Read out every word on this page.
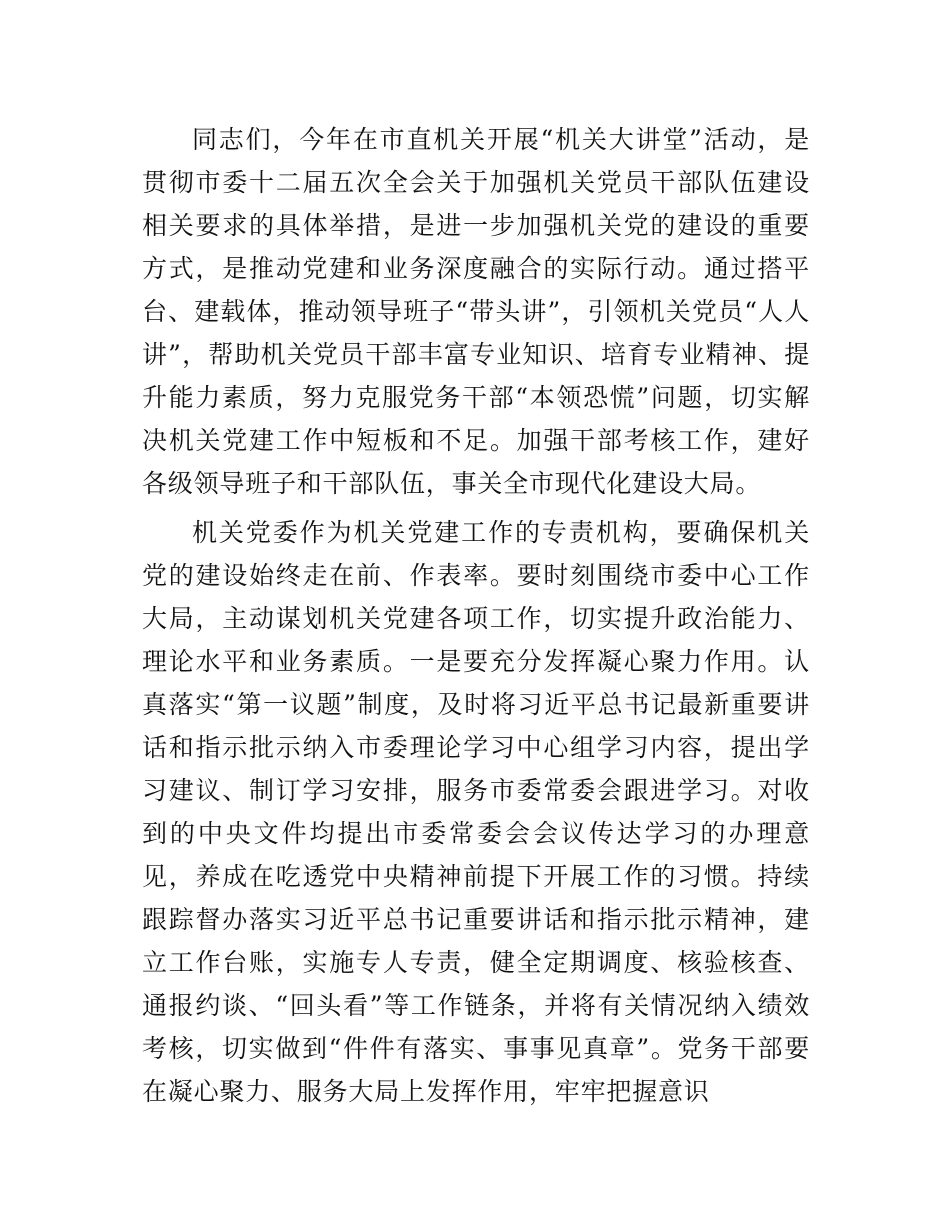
同志们，今年在市直机关开展“机关大讲堂”活动，是贯彻市委十二届五次全会关于加强机关党员干部队伍建设相关要求的具体举措，是进一步加强机关党的建设的重要方式，是推动党建和业务深度融合的实际行动。通过搭平台、建载体，推动领导班子“带头讲”，引领机关党员“人人讲”，帮助机关党员干部丰富专业知识、培育专业精神、提升能力素质，努力克服党务干部“本领恐慌”问题，切实解决机关党建工作中短板和不足。加强干部考核工作，建好各级领导班子和干部队伍，事关全市现代化建设大局。

机关党委作为机关党建工作的专责机构，要确保机关党的建设始终走在前、作表率。要时刻围绕市委中心工作大局，主动谋划机关党建各项工作，切实提升政治能力、理论水平和业务素质。一是要充分发挥凝心聚力作用。认真落实“第一议题”制度，及时将习近平总书记最新重要讲话和指示批示纳入市委理论学习中心组学习内容，提出学习建议、制订学习安排，服务市委常委会跟进学习。对收到的中央文件均提出市委常委会会议传达学习的办理意见，养成在吃透党中央精神前提下开展工作的习惯。持续跟踪督办落实习近平总书记重要讲话和指示批示精神，建立工作台账，实施专人专责，健全定期调度、核验核查、通报约谈、“回头看”等工作链条，并将有关情况纳入绩效考核，切实做到“件件有落实、事事见真章”。党务干部要在凝心聚力、服务大局上发挥作用，牢牢把握意识
